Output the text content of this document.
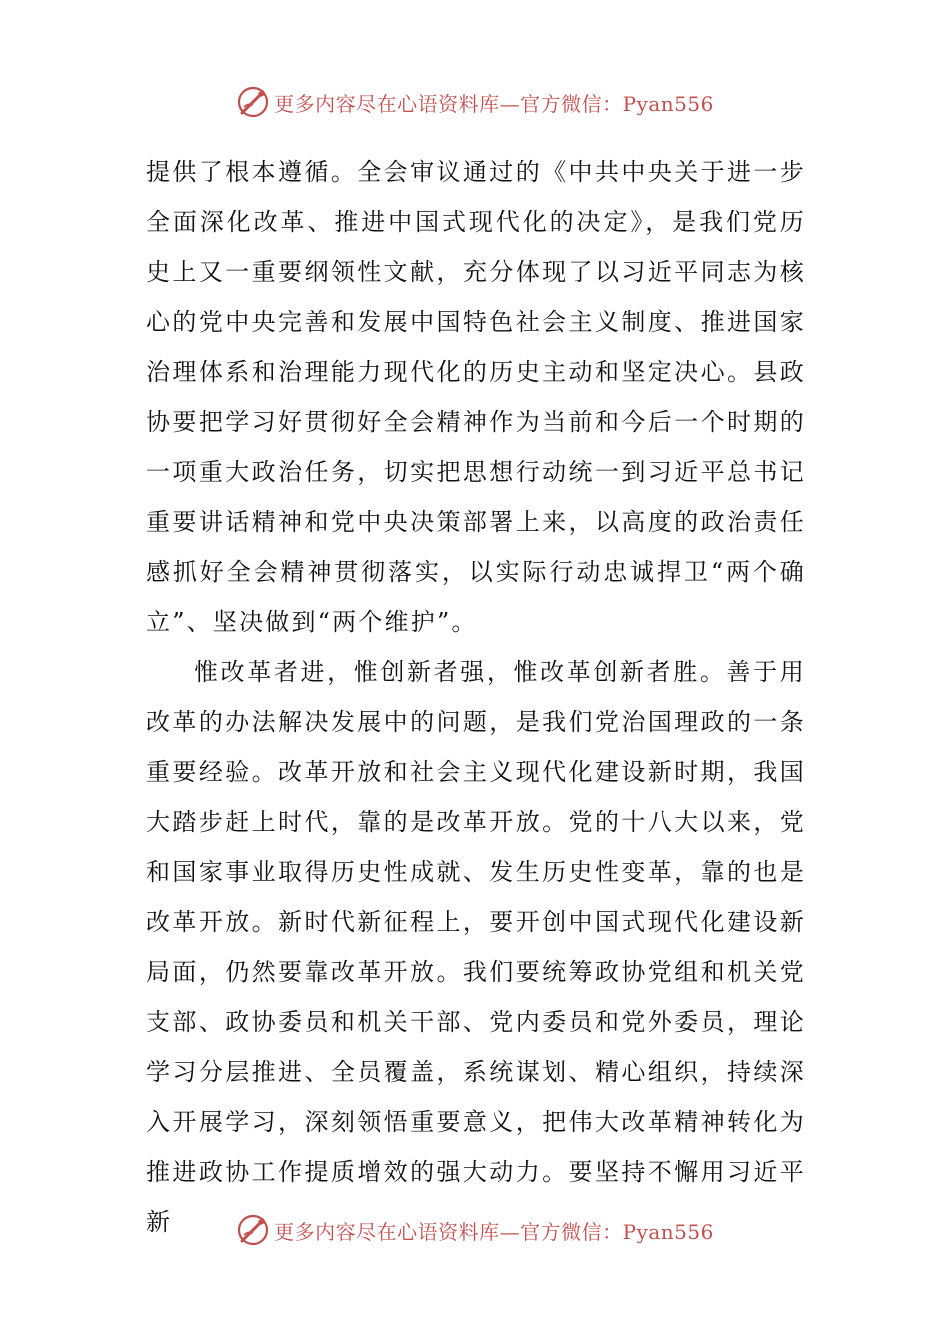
更多内容尽在心语资料库—官方微信：Pyan556

提供了根本遵循。全会审议通过的《中共中央关于进一步全面深化改革、推进中国式现代化的决定》，是我们党历史上又一重要纲领性文献，充分体现了以习近平同志为核心的党中央完善和发展中国特色社会主义制度、推进国家治理体系和治理能力现代化的历史主动和坚定决心。县政协要把学习好贯彻好全会精神作为当前和今后一个时期的一项重大政治任务，切实把思想行动统一到习近平总书记重要讲话精神和党中央决策部署上来，以高度的政治责任感抓好全会精神贯彻落实，以实际行动忠诚捍卫“两个确立”、坚决做到“两个维护”。

惟改革者进，惟创新者强，惟改革创新者胜。善于用改革的办法解决发展中的问题，是我们党治国理政的一条重要经验。改革开放和社会主义现代化建设新时期，我国大踏步赶上时代，靠的是改革开放。党的十八大以来，党和国家事业取得历史性成就、发生历史性变革，靠的也是改革开放。新时代新征程上，要开创中国式现代化建设新局面，仍然要靠改革开放。我们要统筹政协党组和机关党支部、政协委员和机关干部、党内委员和党外委员，理论学习分层推进、全员覆盖，系统谋划、精心组织，持续深入开展学习，深刻领悟重要意义，把伟大改革精神转化为推进政协工作提质增效的强大动力。要坚持不懈用习近平新	更多内容尽在心语资料库—官方微信：Pyan556
